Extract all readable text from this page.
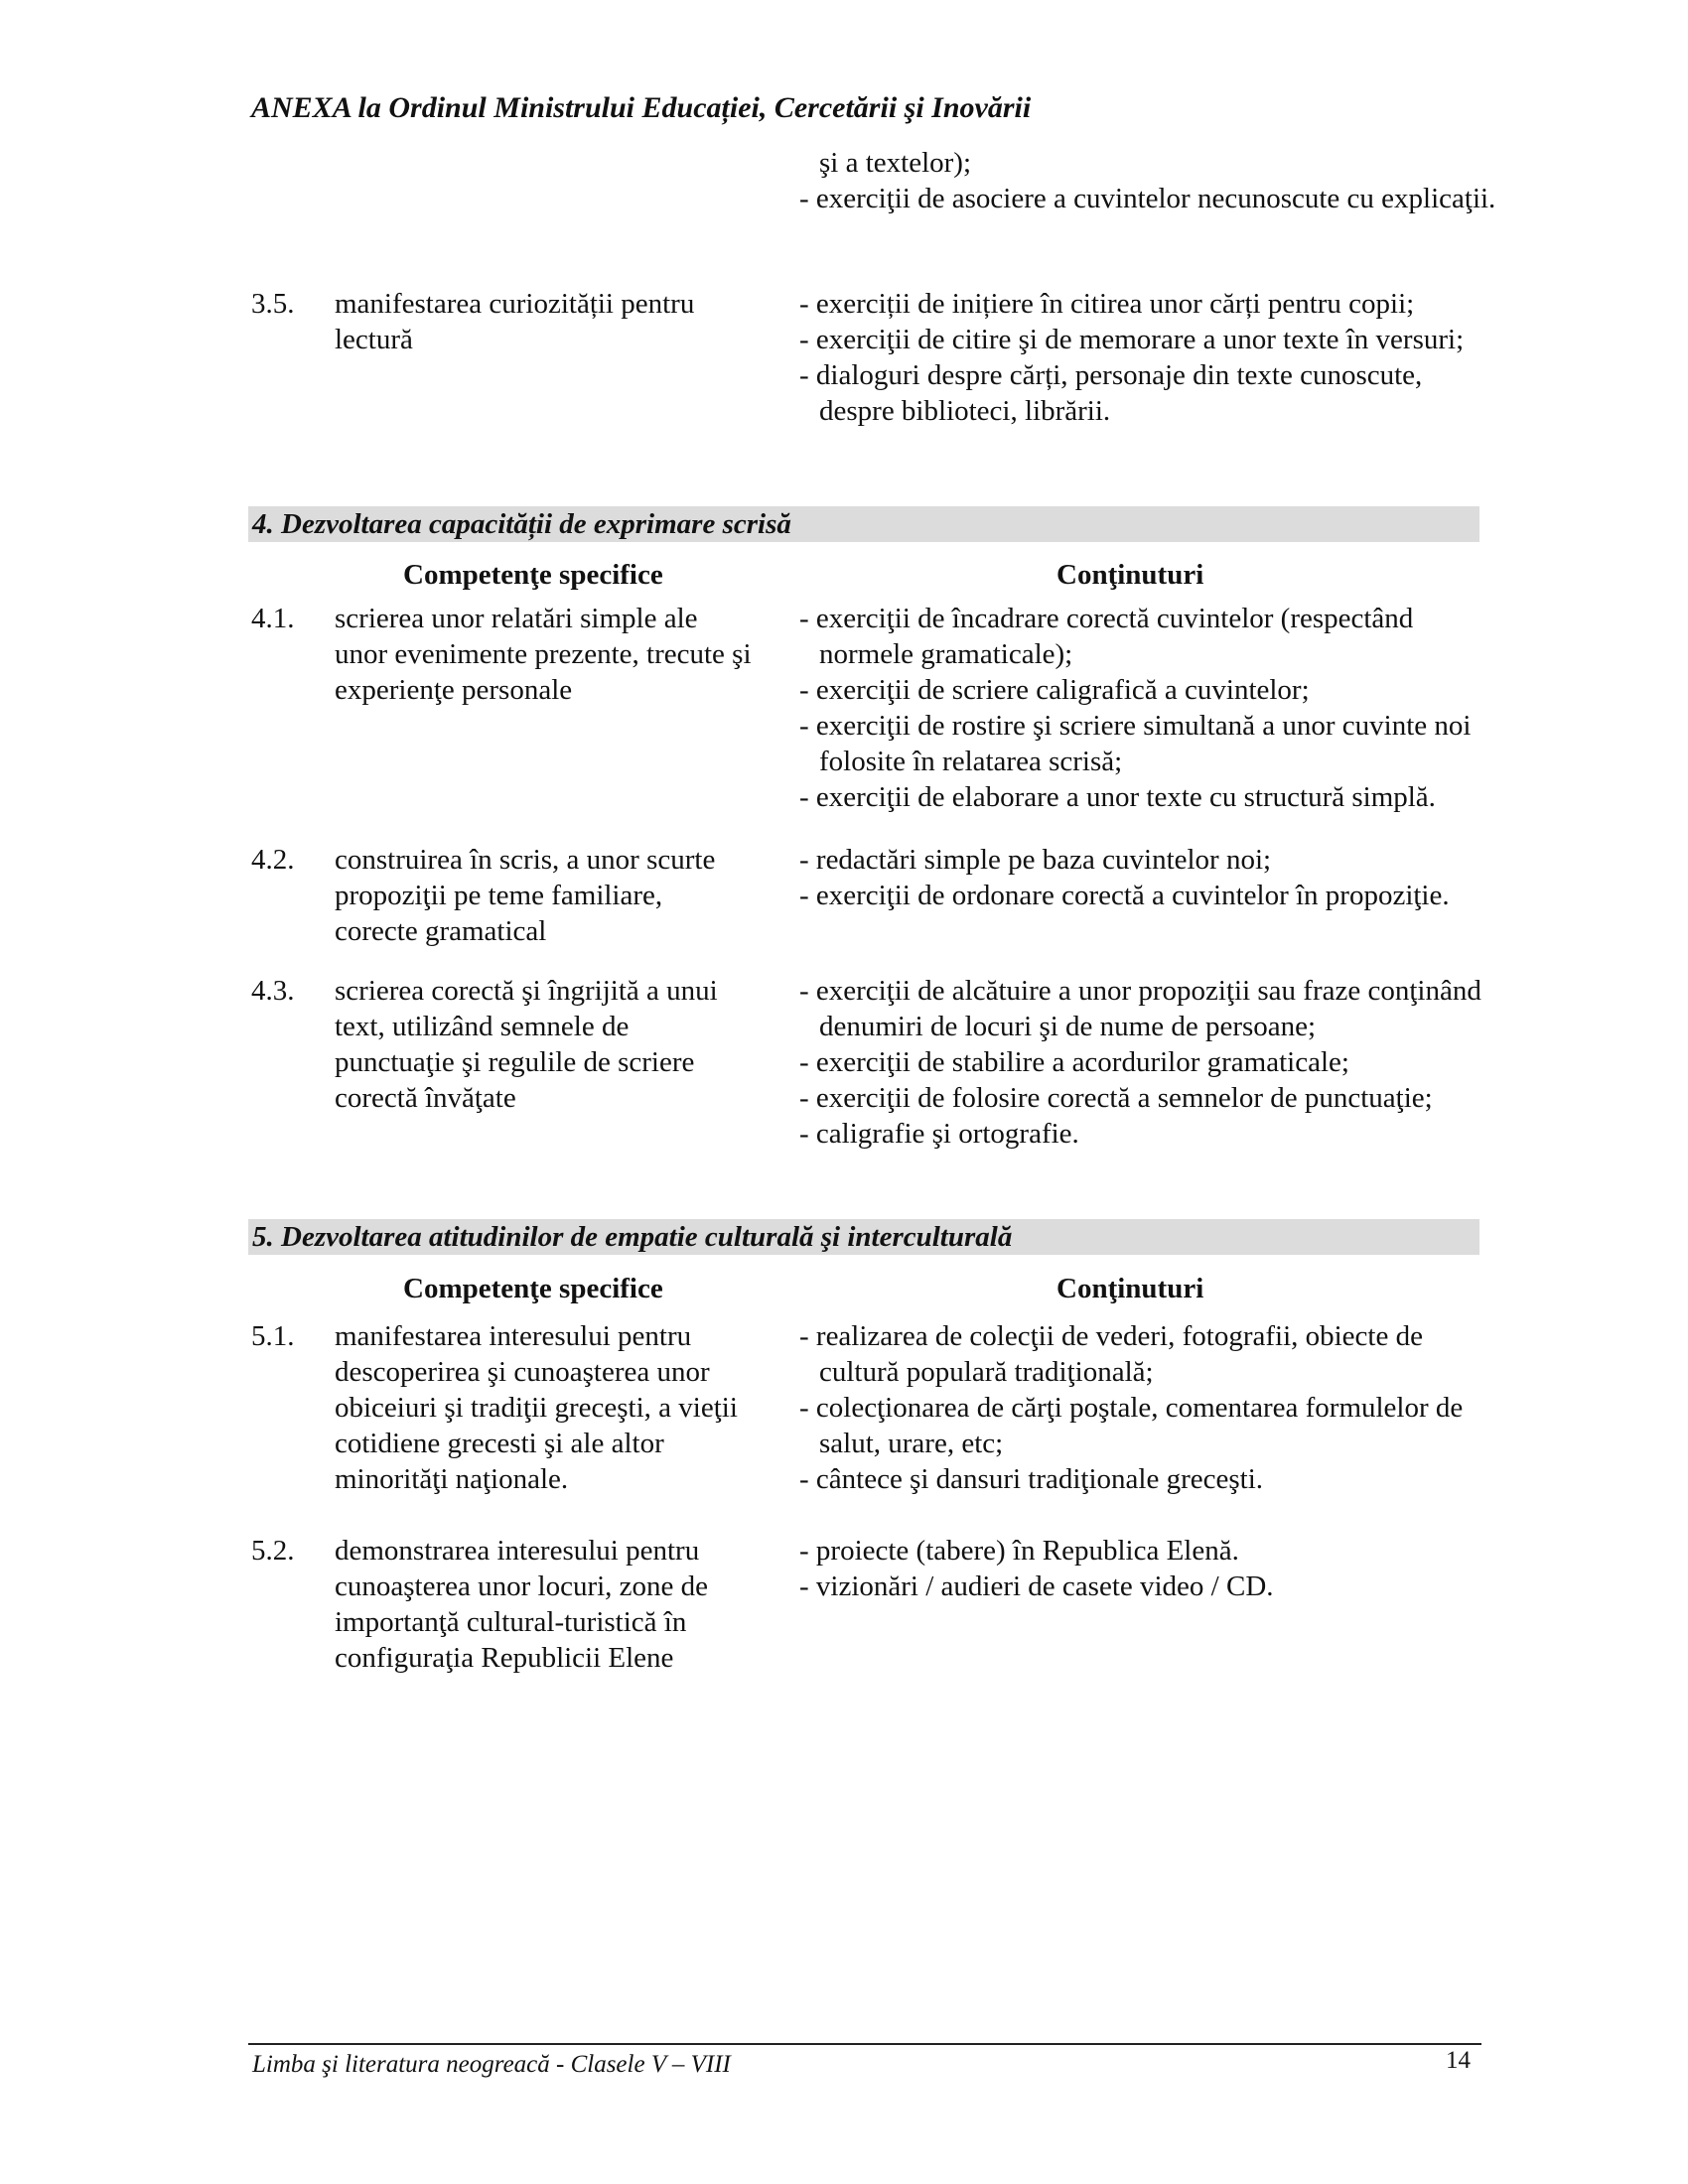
ANEXA la Ordinul Ministrului Educației, Cercetării şi Inovării
şi a textelor);
- exerciţii de asociere a cuvintelor necunoscute cu explicaţii.
3.5.	manifestarea curiozității pentru lectură
- exerciții de inițiere în citirea unor cărți pentru copii;
- exerciţii de citire şi de memorare a unor texte în versuri;
- dialoguri despre cărți, personaje din texte cunoscute, despre biblioteci, librării.
4. Dezvoltarea capacității de exprimare scrisă
Competenţe specifice	Conţinuturi
4.1.	scrierea unor relatări simple ale unor evenimente prezente, trecute şi experienţe personale
- exerciţii de încadrare corectă cuvintelor (respectând normele gramaticale);
- exerciţii de scriere caligrafică a cuvintelor;
- exerciţii de rostire şi scriere simultană a unor cuvinte noi folosite în relatarea scrisă;
- exerciţii de elaborare a unor texte cu structură simplă.
4.2.	construirea în scris, a unor scurte propoziţii pe teme familiare, corecte gramatical
- redactări simple pe baza cuvintelor noi;
- exerciţii de ordonare corectă a cuvintelor în propoziţie.
4.3.	scrierea corectă şi îngrijită a unui text, utilizând semnele de punctuaţie şi regulile de scriere corectă învăţate
- exerciţii de alcătuire a unor propoziţii sau fraze conţinând denumiri de locuri şi de nume de persoane;
- exerciţii de stabilire a acordurilor gramaticale;
- exerciţii de folosire corectă a semnelor de punctuaţie;
- caligrafie şi ortografie.
5. Dezvoltarea atitudinilor de empatie culturală şi interculturală
Competenţe specifice	Conţinuturi
5.1.	manifestarea interesului pentru descoperirea şi cunoaşterea unor obiceiuri şi tradiţii greceşti, a vieţii cotidiene grecesti şi ale altor minorităţi naţionale.
- realizarea de colecţii de vederi, fotografii, obiecte de cultură populară tradiţională;
- colecţionarea de cărţi poştale, comentarea formulelor de salut, urare, etc;
- cântece şi dansuri tradiţionale greceşti.
5.2.	demonstrarea interesului pentru cunoaşterea unor locuri, zone de importanţă cultural-turistică în configuraţia Republicii Elene
- proiecte (tabere) în Republica Elenă.
- vizionări / audieri de casete video / CD.
Limba şi literatura neogreacă - Clasele V – VIII	14
